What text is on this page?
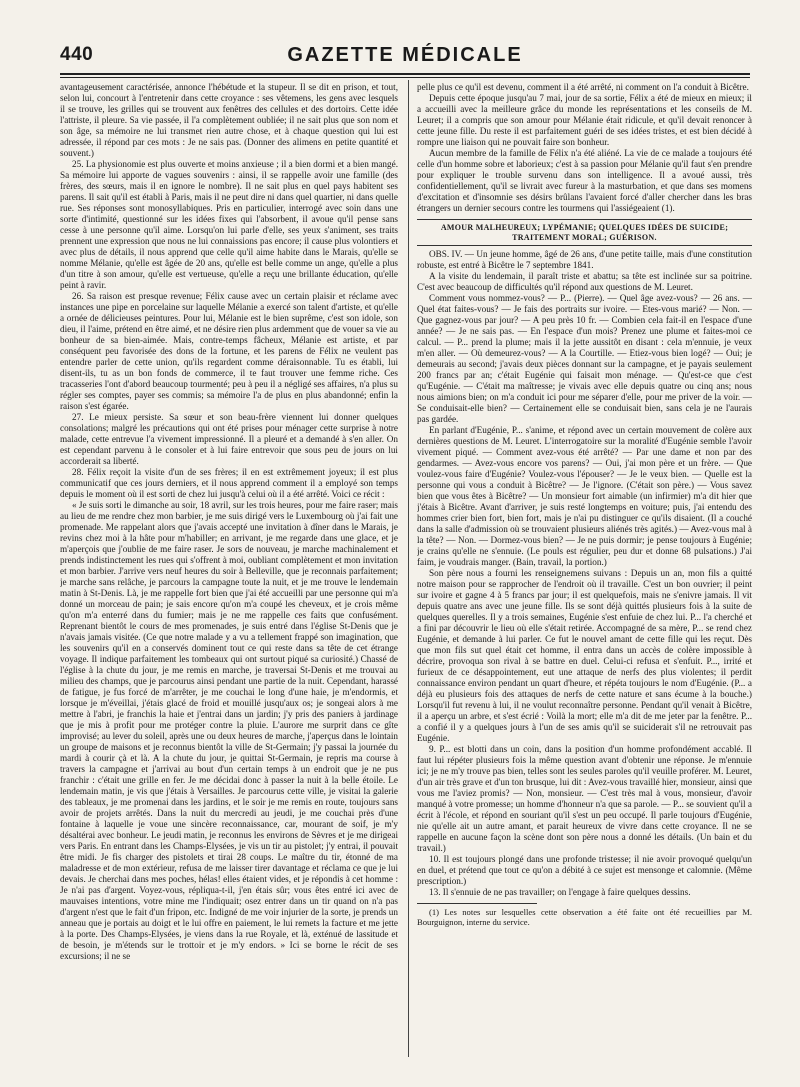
440	GAZETTE MÉDICALE

avantageusement caractérisée, annonce l'hébétude et la stupeur. Il se dit en prison, et tout, selon lui, concourt à l'entretenir dans cette croyance : ses vêtemens, les gens avec lesquels il se trouve, les grilles qui se trouvent aux fenêtres des cellules et des dortoirs. Cette idée l'attriste, il pleure. Sa vie passée, il l'a complètement oubliée; il ne sait plus que son nom et son âge, sa mémoire ne lui transmet rien autre chose, et à chaque question qui lui est adressée, il répond par ces mots : Je ne sais pas. (Donner des alimens en petite quantité et souvent.)

25. La physionomie est plus ouverte et moins anxieuse ; il a bien dormi et a bien mangé. Sa mémoire lui apporte de vagues souvenirs : ainsi, il se rappelle avoir une famille (des frères, des sœurs, mais il en ignore le nombre). Il ne sait plus en quel pays habitent ses parens. Il sait qu'il est établi à Paris, mais il ne peut dire ni dans quel quartier, ni dans quelle rue. Ses réponses sont monosyllabiques. Pris en particulier, interrogé avec soin dans une sorte d'intimité, questionné sur les idées fixes qui l'absorbent, il avoue qu'il pense sans cesse à une personne qu'il aime. Lorsqu'on lui parle d'elle, ses yeux s'animent, ses traits prennent une expression que nous ne lui connaissions pas encore; il cause plus volontiers et avec plus de détails, il nous apprend que celle qu'il aime habite dans le Marais, qu'elle se nomme Mélanie, qu'elle est âgée de 20 ans, qu'elle est belle comme un ange, qu'elle a plus d'un titre à son amour, qu'elle est vertueuse, qu'elle a reçu une brillante éducation, qu'elle peint à ravir.

26. Sa raison est presque revenue; Félix cause avec un certain plaisir et réclame avec instances une pipe en porcelaine sur laquelle Mélanie a exercé son talent d'artiste, et qu'elle a ornée de délicieuses peintures. Pour lui, Mélanie est le bien suprême, c'est son idole, son dieu, il l'aime, prétend en être aimé, et ne désire rien plus ardemment que de vouer sa vie au bonheur de sa bien-aimée. Mais, contre-temps fâcheux, Mélanie est artiste, et par conséquent peu favorisée des dons de la fortune, et les parens de Félix ne veulent pas entendre parler de cette union, qu'ils regardent comme déraisonnable. Tu es établi, lui disent-ils, tu as un bon fonds de commerce, il te faut trouver une femme riche. Ces tracasseries l'ont d'abord beaucoup tourmenté; peu à peu il a négligé ses affaires, n'a plus su régler ses comptes, payer ses commis; sa mémoire l'a de plus en plus abandonné; enfin la raison s'est égarée.

27. Le mieux persiste. Sa sœur et son beau-frère viennent lui donner quelques consolations; malgré les précautions qui ont été prises pour ménager cette surprise à notre malade, cette entrevue l'a vivement impressionné. Il a pleuré et a demandé à s'en aller. On est cependant parvenu à le consoler et à lui faire entrevoir que sous peu de jours on lui accorderait sa liberté.

28. Félix reçoit la visite d'un de ses frères; il en est extrêmement joyeux; il est plus communicatif que ces jours derniers, et il nous apprend comment il a employé son temps depuis le moment où il est sorti de chez lui jusqu'à celui où il a été arrêté. Voici ce récit :

« Je suis sorti le dimanche au soir, 18 avril, sur les trois heures, pour me faire raser; mais au lieu de me rendre chez mon barbier, je me suis dirigé vers le Luxembourg où j'ai fait une promenade. Me rappelant alors que j'avais accepté une invitation à dîner dans le Marais, je revins chez moi à la hâte pour m'habiller; en arrivant, je me regarde dans une glace, et je m'aperçois que j'oublie de me faire raser. Je sors de nouveau, je marche machinalement et prends indistinctement les rues qui s'offrent à moi, oubliant complètement et mon invitation et mon barbier. J'arrive vers neuf heures du soir à Belleville, que je reconnais parfaitement; je marche sans relâche, je parcours la campagne toute la nuit, et je me trouve le lendemain matin à St-Denis. Là, je me rappelle fort bien que j'ai été accueilli par une personne qui m'a donné un morceau de pain; je sais encore qu'on m'a coupé les cheveux, et je crois même qu'on m'a enterré dans du fumier; mais je ne me rappelle ces faits que confusément. Reprenant bientôt le cours de mes promenades, je suis entré dans l'église St-Denis que je n'avais jamais visitée. (Ce que notre malade y a vu a tellement frappé son imagination, que les souvenirs qu'il en a conservés dominent tout ce qui reste dans sa tête de cet étrange voyage. Il indique parfaitement les tombeaux qui ont surtout piqué sa curiosité.) Chassé de l'église à la chute du jour, je me remis en marche, je traversai St-Denis et me trouvai au milieu des champs, que je parcourus ainsi pendant une partie de la nuit. Cependant, harassé de fatigue, je fus forcé de m'arrêter, je me couchai le long d'une haie, je m'endormis, et lorsque je m'éveillai, j'étais glacé de froid et mouillé jusqu'aux os; je songeai alors à me mettre à l'abri, je franchis la haie et j'entrai dans un jardin; j'y pris des paniers à jardinage que je mis à profit pour me protéger contre la pluie. L'aurore me surprit dans ce gîte improvisé; au lever du soleil, après une ou deux heures de marche, j'aperçus dans le lointain un groupe de maisons et je reconnus bientôt la ville de St-Germain; j'y passai la journée du mardi à courir çà et là. A la chute du jour, je quittai St-Germain, je repris ma course à travers la campagne et j'arrivai au bout d'un certain temps à un endroit que je ne pus franchir : c'était une grille en fer. Je me décidai donc à passer la nuit à la belle étoile. Le lendemain matin, je vis que j'étais à Versailles. Je parcourus cette ville, je visitai la galerie des tableaux, je me promenai dans les jardins, et le soir je me remis en route, toujours sans avoir de projets arrêtés. Dans la nuit du mercredi au jeudi, je me couchai près d'une fontaine à laquelle je voue une sincère reconnaissance, car, mourant de soif, je m'y désaltérai avec bonheur. Le jeudi matin, je reconnus les environs de Sèvres et je me dirigeai vers Paris. En entrant dans les Champs-Elysées, je vis un tir au pistolet; j'y entrai, il pouvait être midi. Je fis charger des pistolets et tirai 28 coups. Le maître du tir, étonné de ma maladresse et de mon extérieur, refusa de me laisser tirer davantage et réclama ce que je lui devais. Je cherchai dans mes poches, hélas! elles étaient vides, et je répondis à cet homme : Je n'ai pas d'argent. Voyez-vous, répliqua-t-il, j'en étais sûr; vous êtes entré ici avec de mauvaises intentions, votre mine me l'indiquait; osez entrer dans un tir quand on n'a pas d'argent n'est que le fait d'un fripon, etc. Indigné de me voir injurier de la sorte, je prends un anneau que je portais au doigt et le lui offre en paiement, le lui remets la facture et me jette à la porte. Des Champs-Elysées, je viens dans la rue Royale, et là, exténué de lassitude et de besoin, je m'étends sur le trottoir et je m'y endors. » Ici se borne le récit de ses excursions; il ne se

pelle plus ce qu'il est devenu, comment il a été arrêté, ni comment on l'a conduit à Bicêtre.

Depuis cette époque jusqu'au 7 mai, jour de sa sortie, Félix a été de mieux en mieux; il a accueilli avec la meilleure grâce du monde les représentations et les conseils de M. Leuret; il a compris que son amour pour Mélanie était ridicule, et qu'il devait renoncer à cette jeune fille. Du reste il est parfaitement guéri de ses idées tristes, et est bien décidé à rompre une liaison qui ne pouvait faire son bonheur.

Aucun membre de la famille de Félix n'a été aliéné. La vie de ce malade a toujours été celle d'un homme sobre et laborieux; c'est à sa passion pour Mélanie qu'il faut s'en prendre pour expliquer le trouble survenu dans son intelligence. Il a avoué aussi, très confidentiellement, qu'il se livrait avec fureur à la masturbation, et que dans ses momens d'excitation et d'insomnie ses désirs brûlans l'avaient forcé d'aller chercher dans les bras étrangers un dernier secours contre les tourmens qui l'assiégeaient (1).

AMOUR MALHEUREUX; LYPÉMANIE; QUELQUES IDÉES DE SUICIDE; TRAITEMENT MORAL; GUÉRISON.

OBS. IV. — Un jeune homme, âgé de 26 ans, d'une petite taille, mais d'une constitution robuste, est entré à Bicêtre le 7 septembre 1841.

A la visite du lendemain, il paraît triste et abattu; sa tête est inclinée sur sa poitrine. C'est avec beaucoup de difficultés qu'il répond aux questions de M. Leuret.

Comment vous nommez-vous? — P... (Pierre). — Quel âge avez-vous? — 26 ans. — Quel état faites-vous? — Je fais des portraits sur ivoire. — Etes-vous marié? — Non. — Que gagnez-vous par jour? — A peu près 10 fr. — Combien cela fait-il en l'espace d'une année? — Je ne sais pas. — En l'espace d'un mois? Prenez une plume et faites-moi ce calcul. — P... prend la plume; mais il la jette aussitôt en disant : cela m'ennuie, je veux m'en aller. — Où demeurez-vous? — A la Courtille. — Etiez-vous bien logé? — Oui; je demeurais au second; j'avais deux pièces donnant sur la campagne, et je payais seulement 200 francs par an; c'était Eugénie qui faisait mon ménage. — Qu'est-ce que c'est qu'Eugénie. — C'était ma maîtresse; je vivais avec elle depuis quatre ou cinq ans; nous nous aimions bien; on m'a conduit ici pour me séparer d'elle, pour me priver de la voir. — Se conduisait-elle bien? — Certainement elle se conduisait bien, sans cela je ne l'aurais pas gardée.

En parlant d'Eugénie, P... s'anime, et répond avec un certain mouvement de colère aux dernières questions de M. Leuret. L'interrogatoire sur la moralité d'Eugénie semble l'avoir vivement piqué. — Comment avez-vous été arrêté? — Par une dame et non par des gendarmes. — Avez-vous encore vos parens? — Oui, j'ai mon père et un frère. — Que voulez-vous faire d'Eugénie? Voulez-vous l'épouser? — Je le veux bien. — Quelle est la personne qui vous a conduit à Bicêtre? — Je l'ignore. (C'était son père.) — Vous savez bien que vous êtes à Bicêtre? — Un monsieur fort aimable (un infirmier) m'a dit hier que j'étais à Bicêtre. Avant d'arriver, je suis resté longtemps en voiture; puis, j'ai entendu des hommes crier bien fort, bien fort, mais je n'ai pu distinguer ce qu'ils disaient. (Il a couché dans la salle d'admission où se trouvaient plusieurs aliénés très agités.) — Avez-vous mal à la tête? — Non. — Dormez-vous bien? — Je ne puis dormir; je pense toujours à Eugénie; je crains qu'elle ne s'ennuie. (Le pouls est régulier, peu dur et donne 68 pulsations.) J'ai faim, je voudrais manger. (Bain, travail, la portion.)

Son père nous a fourni les renseignemens suivans : Depuis un an, mon fils a quitté notre maison pour se rapprocher de l'endroit où il travaille. C'est un bon ouvrier; il peint sur ivoire et gagne 4 à 5 francs par jour; il est quelquefois, mais ne s'enivre jamais. Il vit depuis quatre ans avec une jeune fille. Ils se sont déjà quittés plusieurs fois à la suite de quelques querelles. Il y a trois semaines, Eugénie s'est enfuie de chez lui. P... l'a cherché et a fini par découvrir le lieu où elle s'était retirée. Accompagné de sa mère, P... se rend chez Eugénie, et demande à lui parler. Ce fut le nouvel amant de cette fille qui les reçut. Dès que mon fils sut quel était cet homme, il entra dans un accès de colère impossible à décrire, provoqua son rival à se battre en duel. Celui-ci refusa et s'enfuit. P..., irrité et furieux de ce désappointement, eut une attaque de nerfs des plus violentes; il perdit connaissance environ pendant un quart d'heure, et répéta toujours le nom d'Eugénie. (P... a déjà eu plusieurs fois des attaques de nerfs de cette nature et sans écume à la bouche.) Lorsqu'il fut revenu à lui, il ne voulut reconnaître personne. Pendant qu'il venait à Bicêtre, il a aperçu un arbre, et s'est écrié : Voilà la mort; elle m'a dit de me jeter par la fenêtre. P... a confié il y a quelques jours à l'un de ses amis qu'il se suiciderait s'il ne retrouvait pas Eugénie.

9. P... est blotti dans un coin, dans la position d'un homme profondément accablé. Il faut lui répéter plusieurs fois la même question avant d'obtenir une réponse. Je m'ennuie ici; je ne m'y trouve pas bien, telles sont les seules paroles qu'il veuille proférer. M. Leuret, d'un air très grave et d'un ton brusque, lui dit : Avez-vous travaillé hier, monsieur, ainsi que vous me l'aviez promis? — Non, monsieur. — C'est très mal à vous, monsieur, d'avoir manqué à votre promesse; un homme d'honneur n'a que sa parole. — P... se souvient qu'il a écrit à l'école, et répond en souriant qu'il s'est un peu occupé. Il parle toujours d'Eugénie, nie qu'elle ait un autre amant, et parait heureux de vivre dans cette croyance. Il ne se rappelle en aucune façon la scène dont son père nous a donné les détails. (Un bain et du travail.)

10. Il est toujours plongé dans une profonde tristesse; il nie avoir provoqué quelqu'un en duel, et prétend que tout ce qu'on a débité à ce sujet est mensonge et calomnie. (Même prescription.)

13. Il s'ennuie de ne pas travailler; on l'engage à faire quelques dessins.

(1) Les notes sur lesquelles cette observation a été faite ont été recueillies par M. Bourguignon, interne du service.
